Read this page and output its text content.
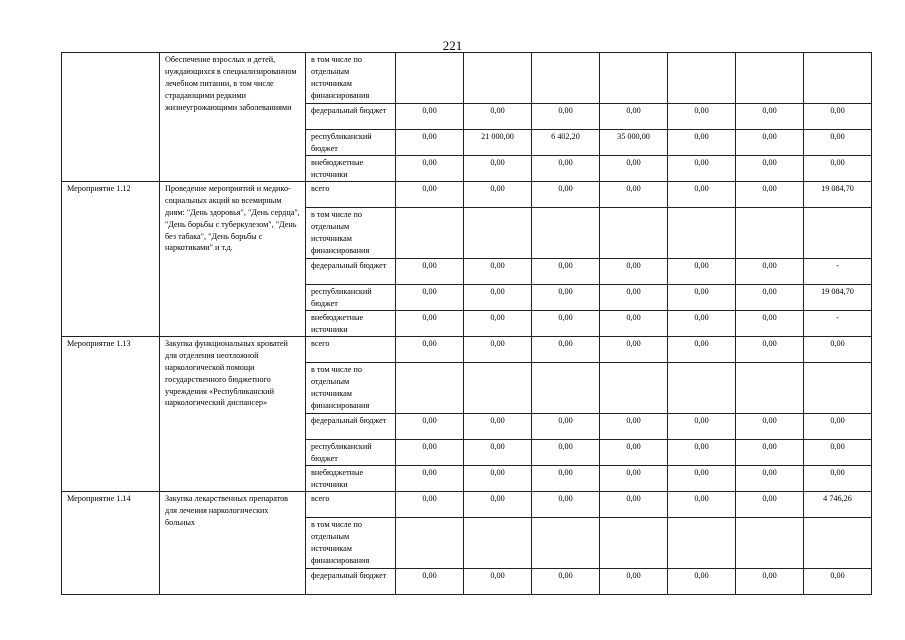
221
	Обеспечение взрослых и детей, нуждающихся в специализированном лечебном питании, в том числе страдающими редкими жизнеугрожающими заболеваниями	в том числе по отдельным источникам финансирования							
		федеральный бюджет	0,00	0,00	0,00	0,00	0,00	0,00	0,00
		республиканский бюджет	0,00	21 000,00	6 402,20	35 000,00	0,00	0,00	0,00
		внебюджетные источники	0,00	0,00	0,00	0,00	0,00	0,00	0,00
Мероприятие 1.12	Проведение мероприятий и медико-социальных акций ко всемирным дням: "День здоровья", "День сердца", "День борьбы с туберкулезом", "День без табака", "День борьбы с наркотиками" и т.д.	всего	0,00	0,00	0,00	0,00	0,00	0,00	19 084,70
		в том числе по отдельным источникам финансирования							
		федеральный бюджет	0,00	0,00	0,00	0,00	0,00	0,00	-
		республиканский бюджет	0,00	0,00	0,00	0,00	0,00	0,00	19 084,70
		внебюджетные источники	0,00	0,00	0,00	0,00	0,00	0,00	-
Мероприятие 1.13	Закупка функциональных кроватей для отделения неотложной наркологической помощи государственного бюджетного учреждения «Республиканский наркологический диспансер»	всего	0,00	0,00	0,00	0,00	0,00	0,00	0,00
		в том числе по отдельным источникам финансирования							
		федеральный бюджет	0,00	0,00	0,00	0,00	0,00	0,00	0,00
		республиканский бюджет	0,00	0,00	0,00	0,00	0,00	0,00	0,00
		внебюджетные источники	0,00	0,00	0,00	0,00	0,00	0,00	0,00
Мероприятие 1.14	Закупка лекарственных препаратов для лечения наркологических больных	всего	0,00	0,00	0,00	0,00	0,00	0,00	4 746,26
		в том числе по отдельным источникам финансирования							
		федеральный бюджет	0,00	0,00	0,00	0,00	0,00	0,00	0,00
